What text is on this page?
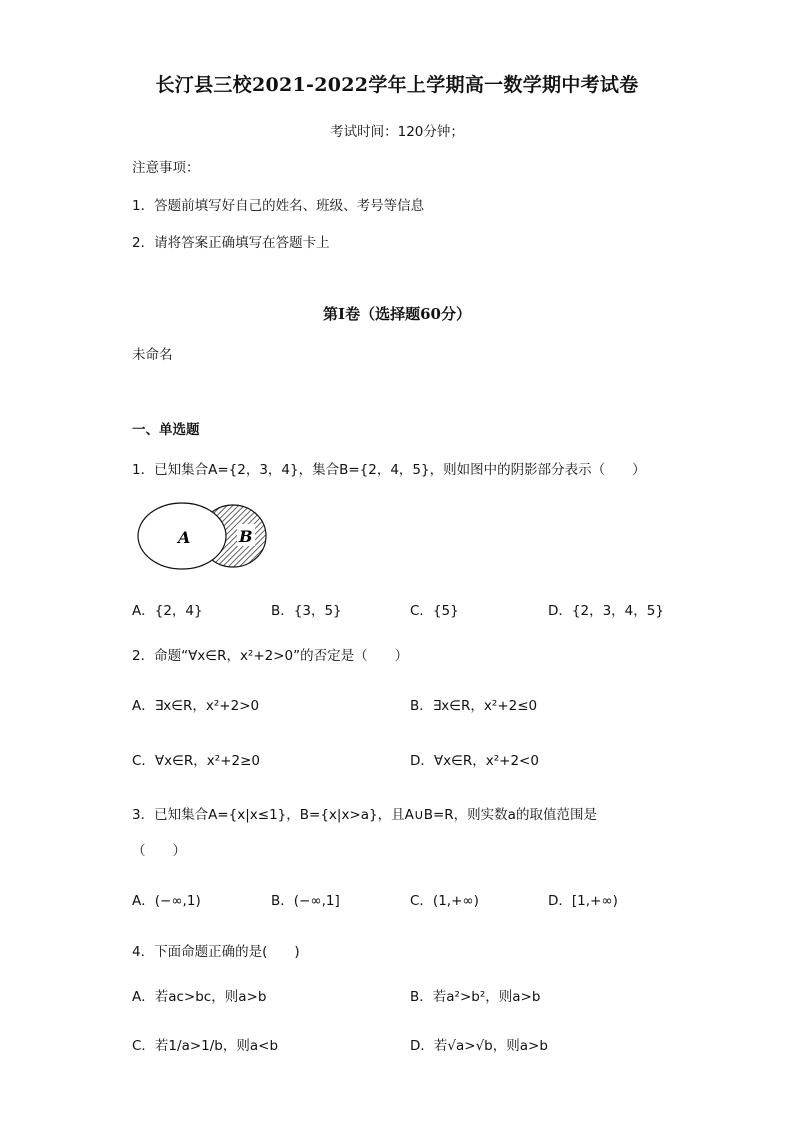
长汀县三校2021-2022学年上学期高一数学期中考试卷
考试时间：120分钟；
注意事项：
1．答题前填写好自己的姓名、班级、考号等信息
2．请将答案正确填写在答题卡上
第I卷（选择题60分）
未命名
一、单选题
1．已知集合A={2，3，4}，集合B={2，4，5}，则如图中的阴影部分表示（　　）
A	B
A．{2，4}	B．{3，5}	C．{5}	D．{2，3，4，5}
2．命题“∀x∈R，x²+2>0”的否定是（　　）
A．∃x∈R，x²+2>0	B．∃x∈R，x²+2≤0
C．∀x∈R，x²+2≥0	D．∀x∈R，x²+2<0
3．已知集合A={x|x≤1}，B={x|x>a}，且A∪B=R，则实数a的取值范围是
（　　）
A．(−∞,1)	B．(−∞,1]	C．(1,+∞)	D．[1,+∞)
4．下面命题正确的是(　　)
A．若ac>bc，则a>b	B．若a²>b²，则a>b
C．若1/a>1/b，则a<b	D．若√a>√b，则a>b
